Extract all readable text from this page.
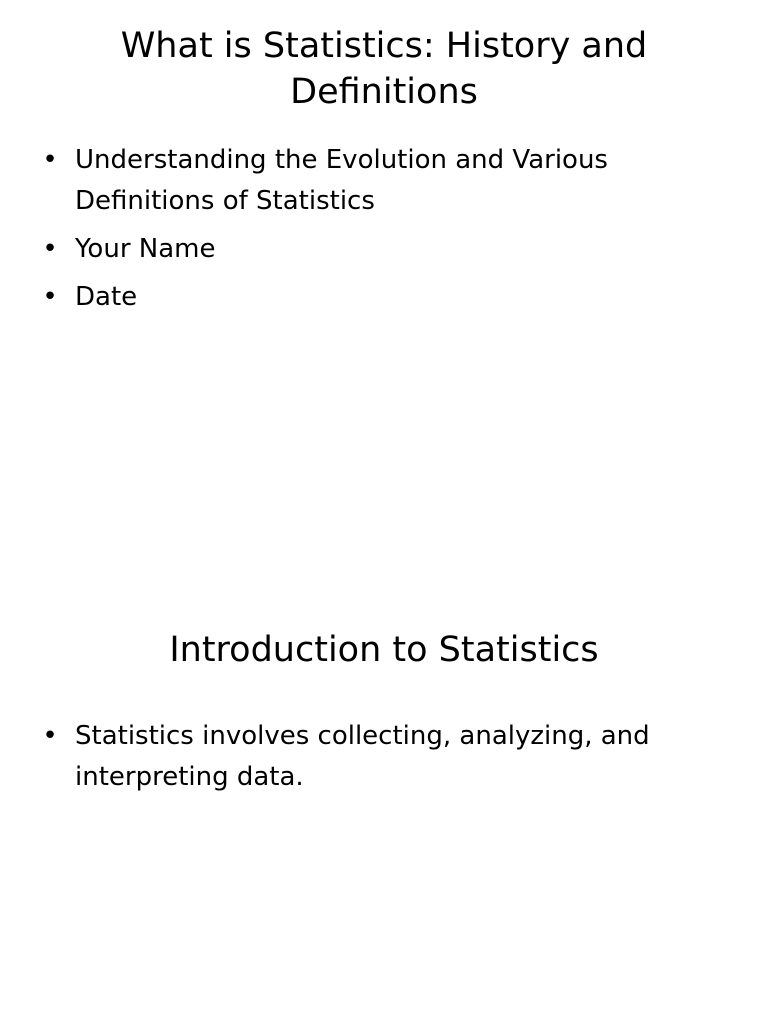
What is Statistics: History and Definitions
• Understanding the Evolution and Various Definitions of Statistics
• Your Name
• Date
Introduction to Statistics
• Statistics involves collecting, analyzing, and interpreting data.
